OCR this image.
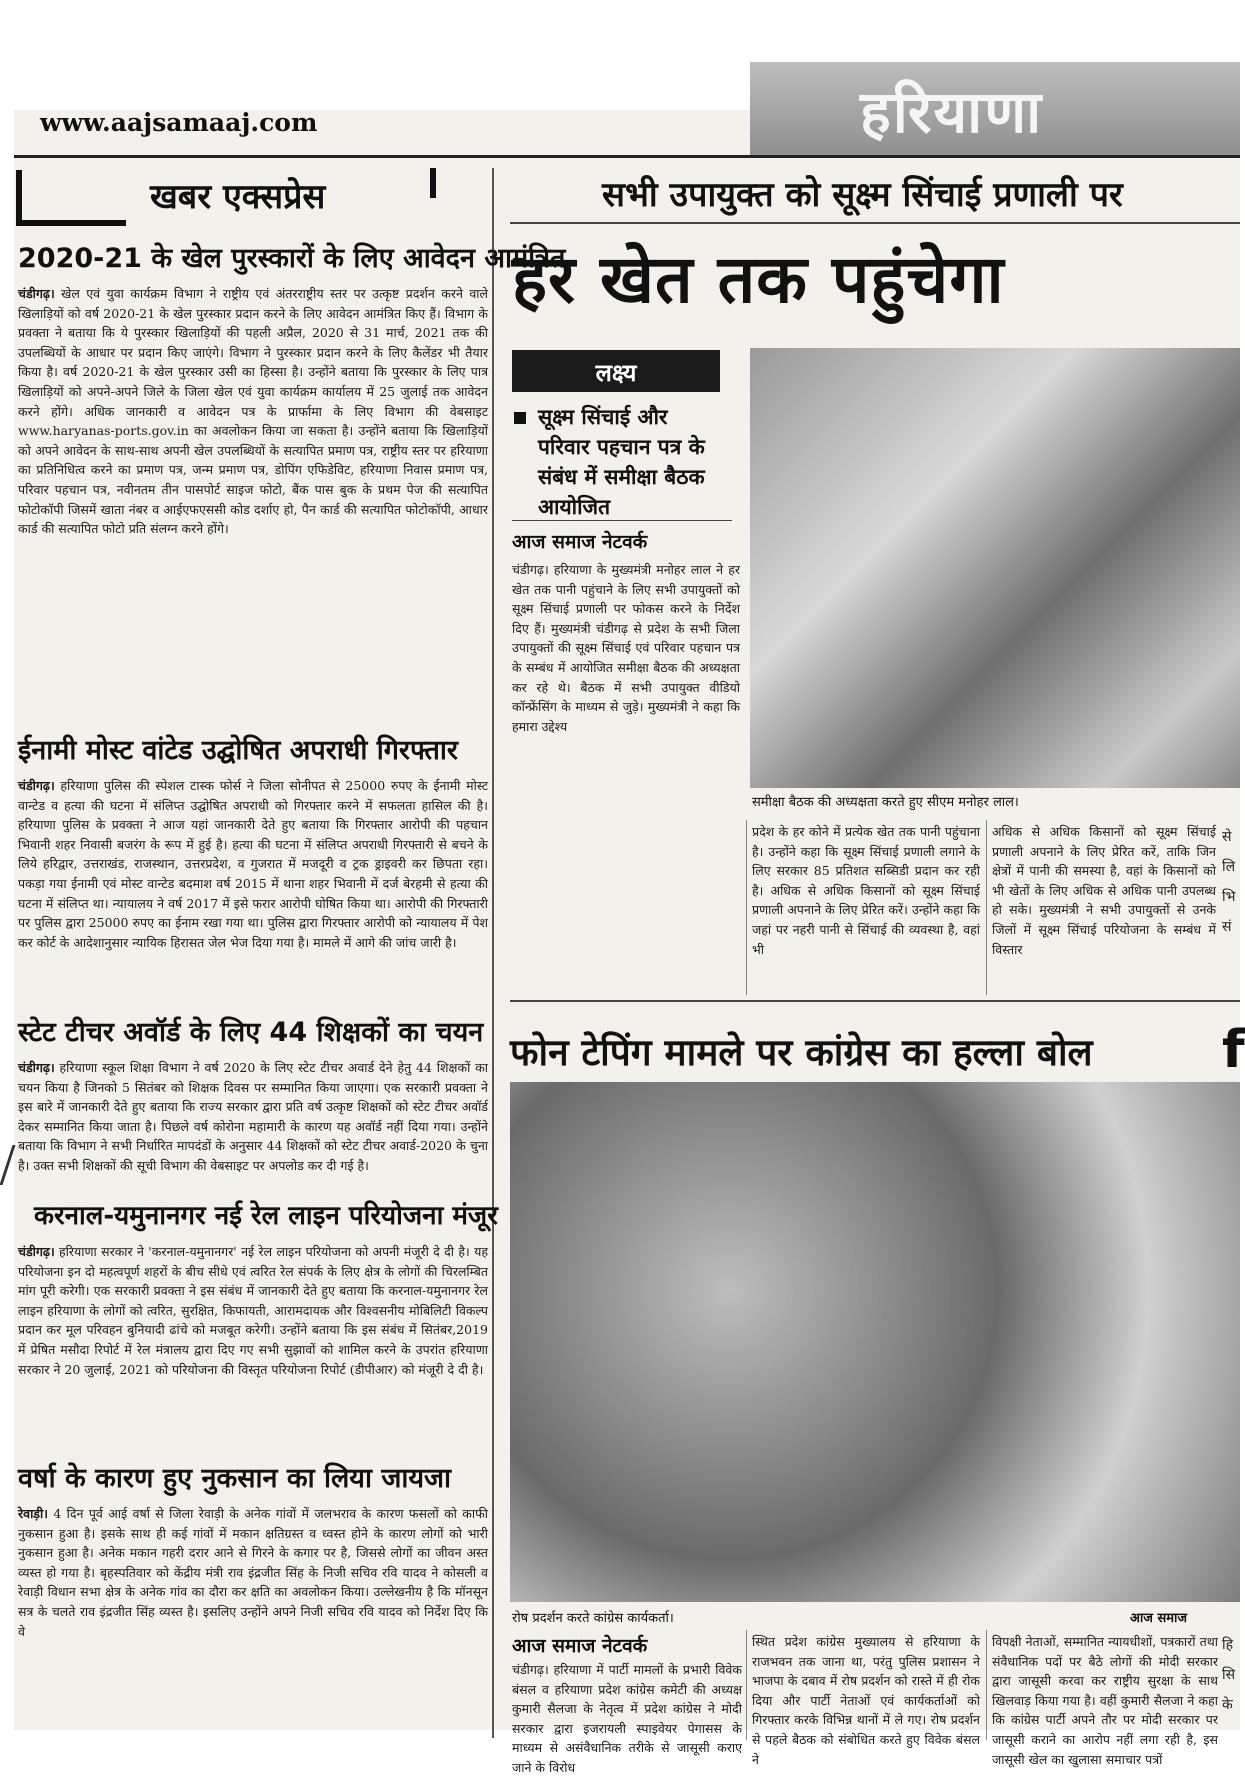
www.aajsamaaj.com	हरियाणा
खबर एक्सप्रेस
2020-21 के खेल पुरस्कारों के लिए आवेदन आमंत्रित
चंडीगढ़। खेल एवं युवा कार्यक्रम विभाग ने राष्ट्रीय एवं अंतरराष्ट्रीय स्तर पर उत्कृष्ट प्रदर्शन करने वाले खिलाड़ियों को वर्ष 2020-21 के खेल पुरस्कार प्रदान करने के लिए आवेदन आमंत्रित किए हैं। विभाग के प्रवक्ता ने बताया कि ये पुरस्कार खिलाड़ियों की पहली अप्रैल, 2020 से 31 मार्च, 2021 तक की उपलब्धियों के आधार पर प्रदान किए जाएंगे। विभाग ने पुरस्कार प्रदान करने के लिए कैलेंडर भी तैयार किया है। वर्ष 2020-21 के खेल पुरस्कार उसी का हिस्सा है। उन्होंने बताया कि पुरस्कार के लिए पात्र खिलाड़ियों को अपने-अपने जिले के जिला खेल एवं युवा कार्यक्रम कार्यालय में 25 जुलाई तक आवेदन करने होंगे। अधिक जानकारी व आवेदन पत्र के प्रार्फामा के लिए विभाग की वेबसाइट www.haryanas-ports.gov.in का अवलोकन किया जा सकता है। उन्होंने बताया कि खिलाड़ियों को अपने आवेदन के साथ-साथ अपनी खेल उपलब्धियों के सत्यापित प्रमाण पत्र, राष्ट्रीय स्तर पर हरियाणा का प्रतिनिधित्व करने का प्रमाण पत्र, जन्म प्रमाण पत्र, डोपिंग एफिडेविट, हरियाणा निवास प्रमाण पत्र, परिवार पहचान पत्र, नवीनतम तीन पासपोर्ट साइज फोटो, बैंक पास बुक के प्रथम पेज की सत्यापित फोटोकॉपी जिसमें खाता नंबर व आईएफएससी कोड दर्शाए हो, पैन कार्ड की सत्यापित फोटोकॉपी, आधार कार्ड की सत्यापित फोटो प्रति संलग्न करने होंगे।
ईनामी मोस्ट वांटेड उद्घोषित अपराधी गिरफ्तार
चंडीगढ़। हरियाणा पुलिस की स्पेशल टास्क फोर्स ने जिला सोनीपत से 25000 रुपए के ईनामी मोस्ट वान्टेड व हत्या की घटना में संलिप्त उद्घोषित अपराधी को गिरफ्तार करने में सफलता हासिल की है। हरियाणा पुलिस के प्रवक्ता ने आज यहां जानकारी देते हुए बताया कि गिरफ्तार आरोपी की पहचान भिवानी शहर निवासी बजरंग के रूप में हुई है। हत्या की घटना में संलिप्त अपराधी गिरफ्तारी से बचने के लिये हरिद्वार, उत्तराखंड, राजस्थान, उत्तरप्रदेश, व गुजरात में मजदूरी व ट्रक ड्राइवरी कर छिपता रहा। पकड़ा गया ईनामी एवं मोस्ट वान्टेड बदमाश वर्ष 2015 में थाना शहर भिवानी में दर्ज बेरहमी से हत्या की घटना में संलिप्त था। न्यायालय ने वर्ष 2017 में इसे फरार आरोपी घोषित किया था। आरोपी की गिरफ्तारी पर पुलिस द्वारा 25000 रुपए का ईनाम रखा गया था। पुलिस द्वारा गिरफ्तार आरोपी को न्यायालय में पेश कर कोर्ट के आदेशानुसार न्यायिक हिरासत जेल भेज दिया गया है। मामले में आगे की जांच जारी है।
स्टेट टीचर अवॉर्ड के लिए 44 शिक्षकों का चयन
चंडीगढ़। हरियाणा स्कूल शिक्षा विभाग ने वर्ष 2020 के लिए स्टेट टीचर अवार्ड देने हेतु 44 शिक्षकों का चयन किया है जिनको 5 सितंबर को शिक्षक दिवस पर सम्मानित किया जाएगा। एक सरकारी प्रवक्ता ने इस बारे में जानकारी देते हुए बताया कि राज्य सरकार द्वारा प्रति वर्ष उत्कृष्ट शिक्षकों को स्टेट टीचर अवॉर्ड देकर सम्मानित किया जाता है। पिछले वर्ष कोरोना महामारी के कारण यह अवॉर्ड नहीं दिया गया। उन्होंने बताया कि विभाग ने सभी निर्धारित मापदंडों के अनुसार 44 शिक्षकों को स्टेट टीचर अवार्ड-2020 के चुना है। उक्त सभी शिक्षकों की सूची विभाग की वेबसाइट पर अपलोड कर दी गई है।
करनाल-यमुनानगर नई रेल लाइन परियोजना मंजूर
चंडीगढ़। हरियाणा सरकार ने 'करनाल-यमुनानगर' नई रेल लाइन परियोजना को अपनी मंजूरी दे दी है। यह परियोजना इन दो महत्वपूर्ण शहरों के बीच सीधे एवं त्वरित रेल संपर्क के लिए क्षेत्र के लोगों की चिरलम्बित मांग पूरी करेगी। एक सरकारी प्रवक्ता ने इस संबंध में जानकारी देते हुए बताया कि करनाल-यमुनानगर रेल लाइन हरियाणा के लोगों को त्वरित, सुरक्षित, किफायती, आरामदायक और विश्वसनीय मोबिलिटी विकल्प प्रदान कर मूल परिवहन बुनियादी ढांचे को मजबूत करेगी। उन्होंने बताया कि इस संबंध में सितंबर,2019 में प्रेषित मसौदा रिपोर्ट में रेल मंत्रालय द्वारा दिए गए सभी सुझावों को शामिल करने के उपरांत हरियाणा सरकार ने 20 जुलाई, 2021 को परियोजना की विस्तृत परियोजना रिपोर्ट (डीपीआर) को मंजूरी दे दी है।
वर्षा के कारण हुए नुकसान का लिया जायजा
रेवाड़ी। 4 दिन पूर्व आई वर्षा से जिला रेवाड़ी के अनेक गांवों में जलभराव के कारण फसलों को काफी नुकसान हुआ है। इसके साथ ही कई गांवों में मकान क्षतिग्रस्त व ध्वस्त होने के कारण लोगों को भारी नुकसान हुआ है। अनेक मकान गहरी दरार आने से गिरने के कगार पर है, जिससे लोगों का जीवन अस्त व्यस्त हो गया है। बृहस्पतिवार को केंद्रीय मंत्री राव इंद्रजीत सिंह के निजी सचिव रवि यादव ने कोसली व रेवाड़ी विधान सभा क्षेत्र के अनेक गांव का दौरा कर क्षति का अवलोकन किया। उल्लेखनीय है कि मॉनसून सत्र के चलते राव इंद्रजीत सिंह व्यस्त है। इसलिए उन्होंने अपने निजी सचिव रवि यादव को निर्देश दिए कि वे
सभी उपायुक्त को सूक्ष्म सिंचाई प्रणाली पर
हर खेत तक पहुंचेगा
लक्ष्य
सूक्ष्म सिंचाई और परिवार पहचान पत्र के संबंध में समीक्षा बैठक आयोजित
आज समाज नेटवर्क
समीक्षा बैठक की अध्यक्षता करते हुए सीएम मनोहर लाल।
चंडीगढ़। हरियाणा के मुख्यमंत्री मनोहर लाल ने हर खेत तक पानी पहुंचाने के लिए सभी उपायुक्तों को सूक्ष्म सिंचाई प्रणाली पर फोकस करने के निर्देश दिए हैं। मुख्यमंत्री चंडीगढ़ से प्रदेश के सभी जिला उपायुक्तों की सूक्ष्म सिंचाई एवं परिवार पहचान पत्र के सम्बंध में आयोजित समीक्षा बैठक की अध्यक्षता कर रहे थे। बैठक में सभी उपायुक्त वीडियो कॉन्फ्रेंसिंग के माध्यम से जुड़े। मुख्यमंत्री ने कहा कि हमारा उद्देश्य
प्रदेश के हर कोने में प्रत्येक खेत तक पानी पहुंचाना है। उन्होंने कहा कि सूक्ष्म सिंचाई प्रणाली लगाने के लिए सरकार 85 प्रतिशत सब्सिडी प्रदान कर रही है। अधिक से अधिक किसानों को सूक्ष्म सिंचाई प्रणाली अपनाने के लिए प्रेरित करें। उन्होंने कहा कि जहां पर नहरी पानी से सिंचाई की व्यवस्था है, वहां भी
अधिक से अधिक किसानों को सूक्ष्म सिंचाई प्रणाली अपनाने के लिए प्रेरित करें, ताकि जिन क्षेत्रों में पानी की समस्या है, वहां के किसानों को भी खेतों के लिए अधिक से अधिक पानी उपलब्ध हो सके। मुख्यमंत्री ने सभी उपायुक्तों से उनके जिलों में सूक्ष्म सिंचाई परियोजना के सम्बंध में विस्तार
से
लि
भि
सं
फोन टेपिंग मामले पर कांग्रेस का हल्ला बोल
रोष प्रदर्शन करते कांग्रेस कार्यकर्ता।	आज समाज
आज समाज नेटवर्क
चंडीगढ़। हरियाणा में पार्टी मामलों के प्रभारी विवेक बंसल व हरियाणा प्रदेश कांग्रेस कमेटी की अध्यक्ष कुमारी सैलजा के नेतृत्व में प्रदेश कांग्रेस ने मोदी सरकार द्वारा इजरायली स्पाइवेयर पेगासस के माध्यम से असंवैधानिक तरीके से जासूसी कराए जाने के विरोध
स्थित प्रदेश कांग्रेस मुख्यालय से हरियाणा के राजभवन तक जाना था, परंतु पुलिस प्रशासन ने भाजपा के दबाव में रोष प्रदर्शन को रास्ते में ही रोक दिया और पार्टी नेताओं एवं कार्यकर्ताओं को गिरफ्तार करके विभिन्न थानों में ले गए। रोष प्रदर्शन से पहले बैठक को संबोधित करते हुए विवेक बंसल ने
विपक्षी नेताओं, सम्मानित न्यायधीशों, पत्रकारों तथा संवैधानिक पदों पर बैठे लोगों की मोदी सरकार द्वारा जासूसी करवा कर राष्ट्रीय सुरक्षा के साथ खिलवाड़ किया गया है। वहीं कुमारी सैलजा ने कहा कि कांग्रेस पार्टी अपने तौर पर मोदी सरकार पर जासूसी कराने का आरोप नहीं लगा रही है, इस जासूसी खेल का खुलासा समाचार पत्रों
f
हि
सि
के
